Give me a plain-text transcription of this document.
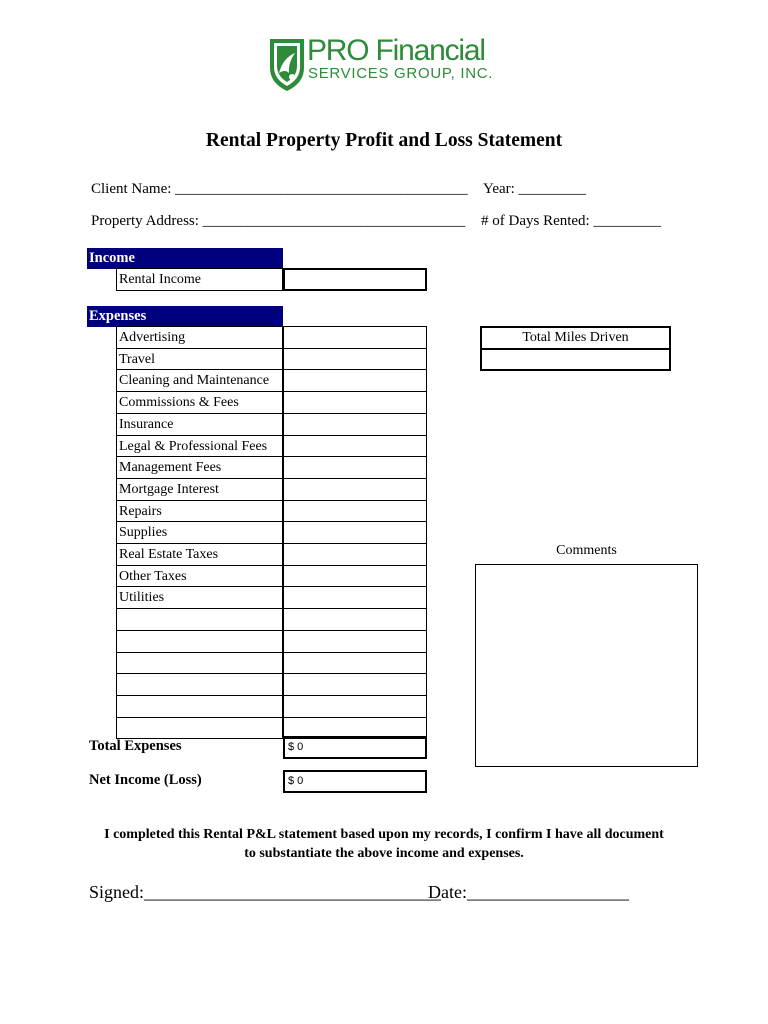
PRO Financial
SERVICES GROUP, INC.
Rental Property Profit and Loss Statement
Client Name: _______________________________________ Year: _________
Property Address: ___________________________________ # of Days Rented: _________
Income
Rental Income
Expenses
Advertising
Travel
Cleaning and Maintenance
Commissions & Fees
Insurance
Legal & Professional Fees
Management Fees
Mortgage Interest
Repairs
Supplies
Real Estate Taxes
Other Taxes
Utilities
Total Expenses	$ 0
Net Income (Loss)	$ 0
Total Miles Driven
Comments
I completed this Rental P&L statement based upon my records, I confirm I have all document
to substantiate the above income and expenses.
Signed:_________________________________
Date:__________________
